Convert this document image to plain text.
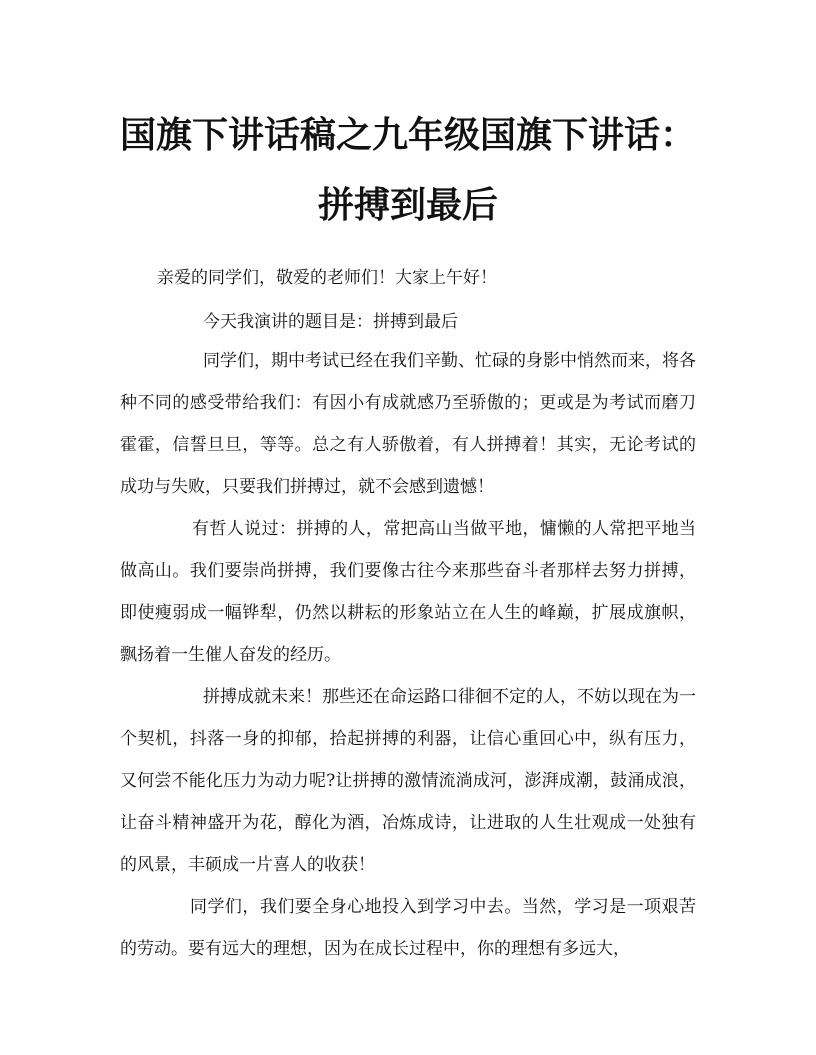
国旗下讲话稿之九年级国旗下讲话：拼搏到最后
亲爱的同学们，敬爱的老师们！大家上午好！
今天我演讲的题目是：拼搏到最后

同学们，期中考试已经在我们辛勤、忙碌的身影中悄然而来，将各种不同的感受带给我们：有因小有成就感乃至骄傲的；更或是为考试而磨刀霍霍，信誓旦旦，等等。总之有人骄傲着，有人拼搏着！其实，无论考试的成功与失败，只要我们拼搏过，就不会感到遗憾！

有哲人说过：拼搏的人，常把高山当做平地，慵懒的人常把平地当做高山。我们要崇尚拼搏，我们要像古往今来那些奋斗者那样去努力拼搏，即使瘦弱成一幅铧犁，仍然以耕耘的形象站立在人生的峰巅，扩展成旗帜，飘扬着一生催人奋发的经历。

拼搏成就未来！那些还在命运路口徘徊不定的人，不妨以现在为一个契机，抖落一身的抑郁，拾起拼搏的利器，让信心重回心中，纵有压力，又何尝不能化压力为动力呢?让拼搏的激情流淌成河，澎湃成潮，鼓涌成浪，让奋斗精神盛开为花，醇化为酒，冶炼成诗，让进取的人生壮观成一处独有的风景，丰硕成一片喜人的收获！

同学们，我们要全身心地投入到学习中去。当然，学习是一项艰苦的劳动。要有远大的理想，因为在成长过程中，你的理想有多远大，
